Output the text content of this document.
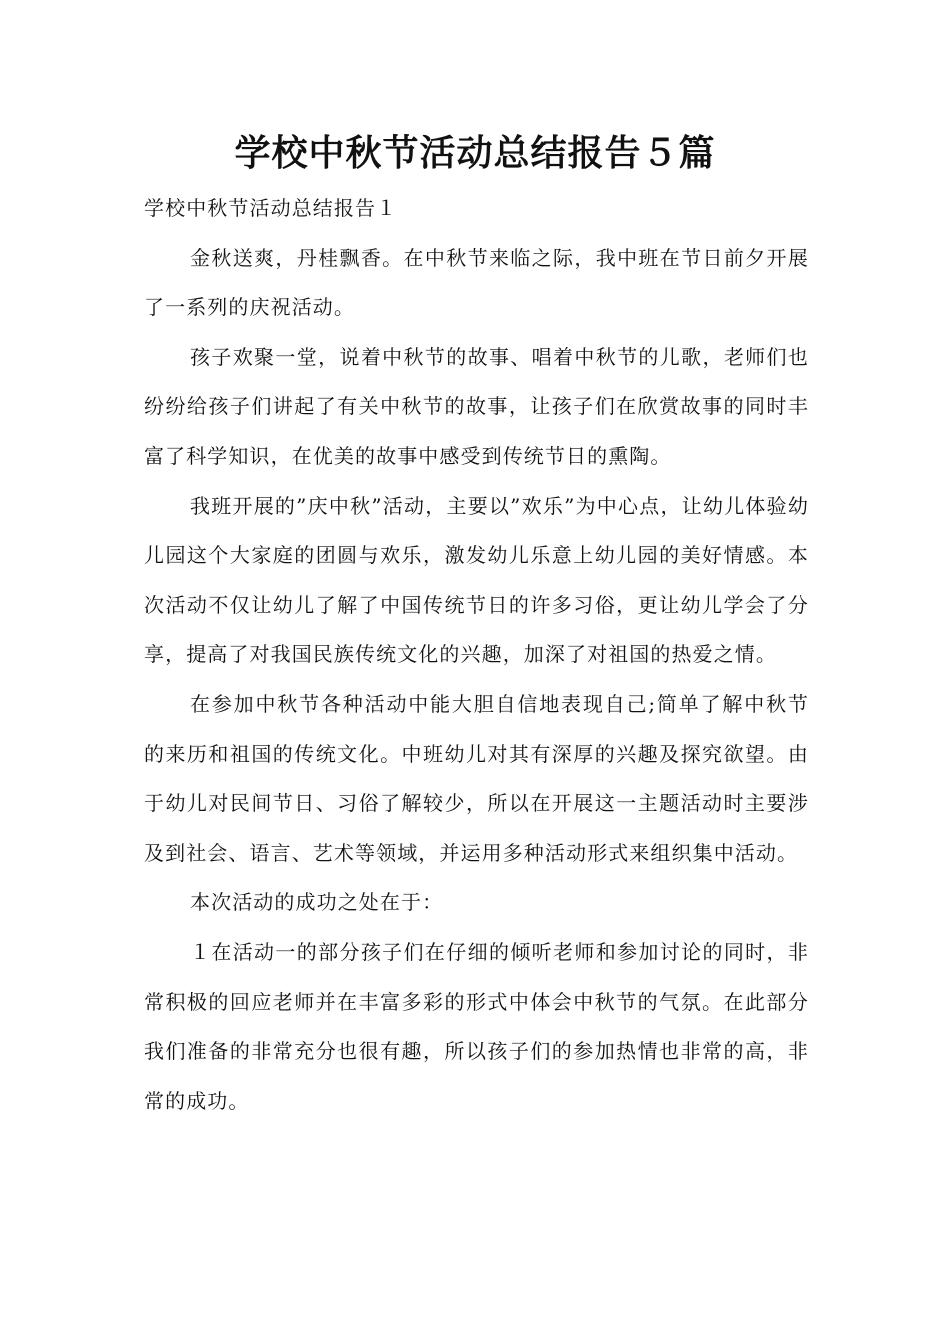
学校中秋节活动总结报告５篇

学校中秋节活动总结报告１

金秋送爽，丹桂飘香。在中秋节来临之际，我中班在节日前夕开展了一系列的庆祝活动。

孩子欢聚一堂，说着中秋节的故事、唱着中秋节的儿歌，老师们也纷纷给孩子们讲起了有关中秋节的故事，让孩子们在欣赏故事的同时丰富了科学知识，在优美的故事中感受到传统节日的熏陶。

我班开展的”庆中秋”活动，主要以”欢乐”为中心点，让幼儿体验幼儿园这个大家庭的团圆与欢乐，激发幼儿乐意上幼儿园的美好情感。本次活动不仅让幼儿了解了中国传统节日的许多习俗，更让幼儿学会了分享，提高了对我国民族传统文化的兴趣，加深了对祖国的热爱之情。

在参加中秋节各种活动中能大胆自信地表现自己;简单了解中秋节的来历和祖国的传统文化。中班幼儿对其有深厚的兴趣及探究欲望。由于幼儿对民间节日、习俗了解较少，所以在开展这一主题活动时主要涉及到社会、语言、艺术等领域，并运用多种活动形式来组织集中活动。

本次活动的成功之处在于：

１在活动一的部分孩子们在仔细的倾听老师和参加讨论的同时，非常积极的回应老师并在丰富多彩的形式中体会中秋节的气氛。在此部分我们准备的非常充分也很有趣，所以孩子们的参加热情也非常的高，非常的成功。
